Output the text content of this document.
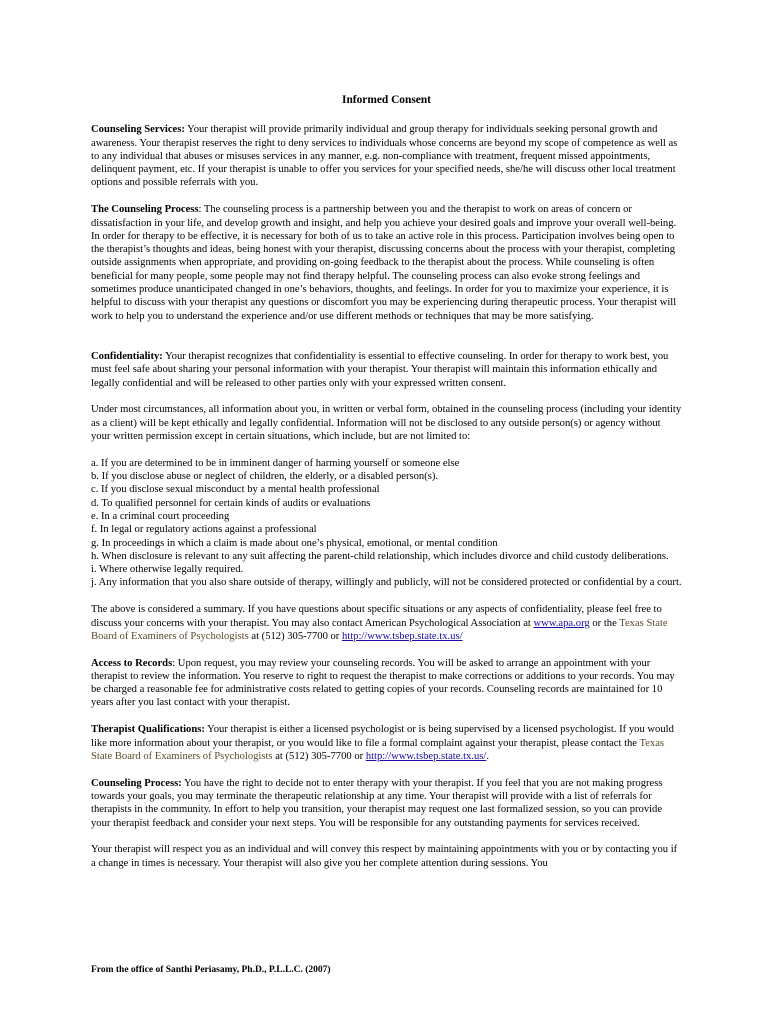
Informed Consent

Counseling Services: Your therapist will provide primarily individual and group therapy for individuals seeking personal growth and awareness. Your therapist reserves the right to deny services to individuals whose concerns are beyond my scope of competence as well as to any individual that abuses or misuses services in any manner, e.g. non-compliance with treatment, frequent missed appointments, delinquent payment, etc. If your therapist is unable to offer you services for your specified needs, she/he will discuss other local treatment options and possible referrals with you.

The Counseling Process: The counseling process is a partnership between you and the therapist to work on areas of concern or dissatisfaction in your life, and develop growth and insight, and help you achieve your desired goals and improve your overall well-being. In order for therapy to be effective, it is necessary for both of us to take an active role in this process. Participation involves being open to the therapist’s thoughts and ideas, being honest with your therapist, discussing concerns about the process with your therapist, completing outside assignments when appropriate, and providing on-going feedback to the therapist about the process. While counseling is often beneficial for many people, some people may not find therapy helpful. The counseling process can also evoke strong feelings and sometimes produce unanticipated changed in one’s behaviors, thoughts, and feelings. In order for you to maximize your experience, it is helpful to discuss with your therapist any questions or discomfort you may be experiencing during therapeutic process. Your therapist will work to help you to understand the experience and/or use different methods or techniques that may be more satisfying.

Confidentiality: Your therapist recognizes that confidentiality is essential to effective counseling. In order for therapy to work best, you must feel safe about sharing your personal information with your therapist. Your therapist will maintain this information ethically and legally confidential and will be released to other parties only with your expressed written consent.

Under most circumstances, all information about you, in written or verbal form, obtained in the counseling process (including your identity as a client) will be kept ethically and legally confidential. Information will not be disclosed to any outside person(s) or agency without your written permission except in certain situations, which include, but are not limited to:

a. If you are determined to be in imminent danger of harming yourself or someone else
b. If you disclose abuse or neglect of children, the elderly, or a disabled person(s).
c. If you disclose sexual misconduct by a mental health professional
d. To qualified personnel for certain kinds of audits or evaluations
e. In a criminal court proceeding
f. In legal or regulatory actions against a professional
g. In proceedings in which a claim is made about one’s physical, emotional, or mental condition
h. When disclosure is relevant to any suit affecting the parent-child relationship, which includes divorce and child custody deliberations.
i. Where otherwise legally required.
j. Any information that you also share outside of therapy, willingly and publicly, will not be considered protected or confidential by a court.

The above is considered a summary. If you have questions about specific situations or any aspects of confidentiality, please feel free to discuss your concerns with your therapist. You may also contact American Psychological Association at www.apa.org or the Texas State Board of Examiners of Psychologists at (512) 305-7700 or http://www.tsbep.state.tx.us/

Access to Records: Upon request, you may review your counseling records. You will be asked to arrange an appointment with your therapist to review the information. You reserve to right to request the therapist to make corrections or additions to your records. You may be charged a reasonable fee for administrative costs related to getting copies of your records. Counseling records are maintained for 10 years after you last contact with your therapist.

Therapist Qualifications: Your therapist is either a licensed psychologist or is being supervised by a licensed psychologist. If you would like more information about your therapist, or you would like to file a formal complaint against your therapist, please contact the Texas State Board of Examiners of Psychologists at (512) 305-7700 or http://www.tsbep.state.tx.us/.

Counseling Process: You have the right to decide not to enter therapy with your therapist. If you feel that you are not making progress towards your goals, you may terminate the therapeutic relationship at any time. Your therapist will provide with a list of referrals for therapists in the community. In effort to help you transition, your therapist may request one last formalized session, so you can provide your therapist feedback and consider your next steps. You will be responsible for any outstanding payments for services received.

Your therapist will respect you as an individual and will convey this respect by maintaining appointments with you or by contacting you if a change in times is necessary. Your therapist will also give you her complete attention during sessions. You

From the office of Santhi Periasamy, Ph.D., P.L.L.C. (2007)
